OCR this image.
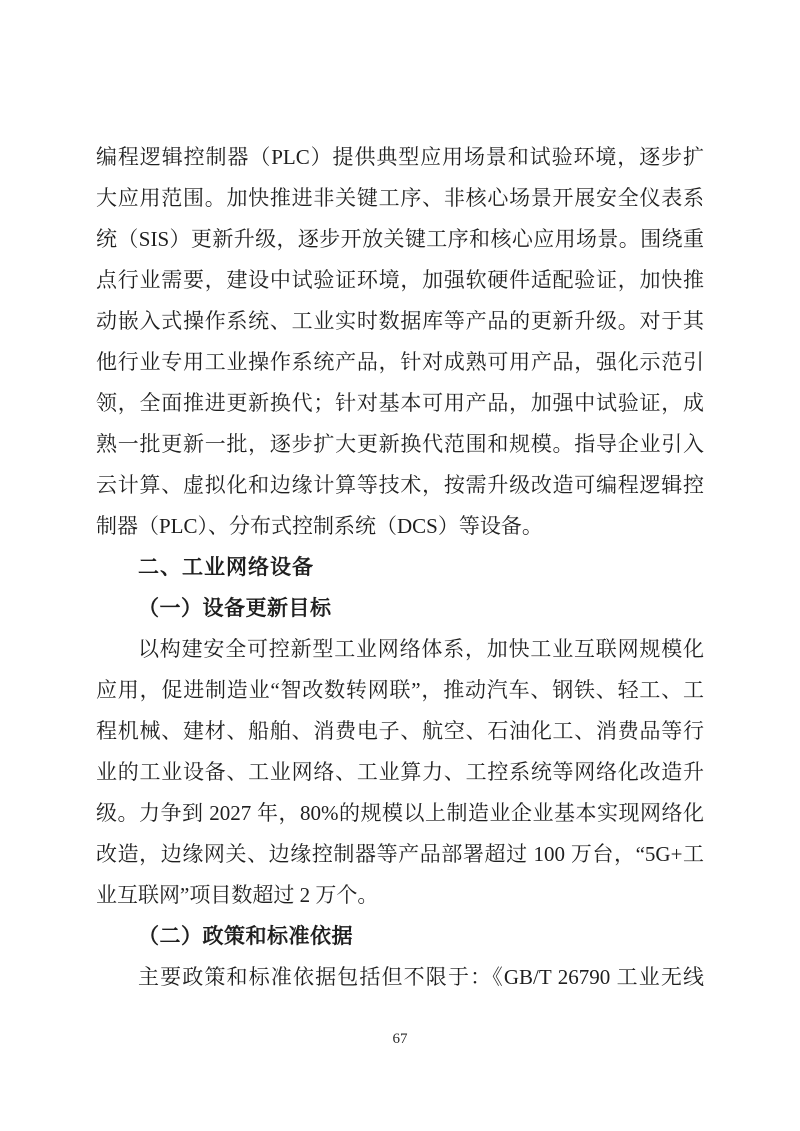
编程逻辑控制器（PLC）提供典型应用场景和试验环境，逐步扩
大应用范围。加快推进非关键工序、非核心场景开展安全仪表系
统（SIS）更新升级，逐步开放关键工序和核心应用场景。围绕重
点行业需要，建设中试验证环境，加强软硬件适配验证，加快推
动嵌入式操作系统、工业实时数据库等产品的更新升级。对于其
他行业专用工业操作系统产品，针对成熟可用产品，强化示范引
领，全面推进更新换代；针对基本可用产品，加强中试验证，成
熟一批更新一批，逐步扩大更新换代范围和规模。指导企业引入
云计算、虚拟化和边缘计算等技术，按需升级改造可编程逻辑控
制器（PLC）、分布式控制系统（DCS）等设备。
二、工业网络设备
（一）设备更新目标
以构建安全可控新型工业网络体系，加快工业互联网规模化
应用，促进制造业“智改数转网联”，推动汽车、钢铁、轻工、工
程机械、建材、船舶、消费电子、航空、石油化工、消费品等行
业的工业设备、工业网络、工业算力、工控系统等网络化改造升
级。力争到 2027 年，80%的规模以上制造业企业基本实现网络化
改造，边缘网关、边缘控制器等产品部署超过 100 万台，“5G+工
业互联网”项目数超过 2 万个。
（二）政策和标准依据
主要政策和标准依据包括但不限于：《GB/T 26790 工业无线
67
